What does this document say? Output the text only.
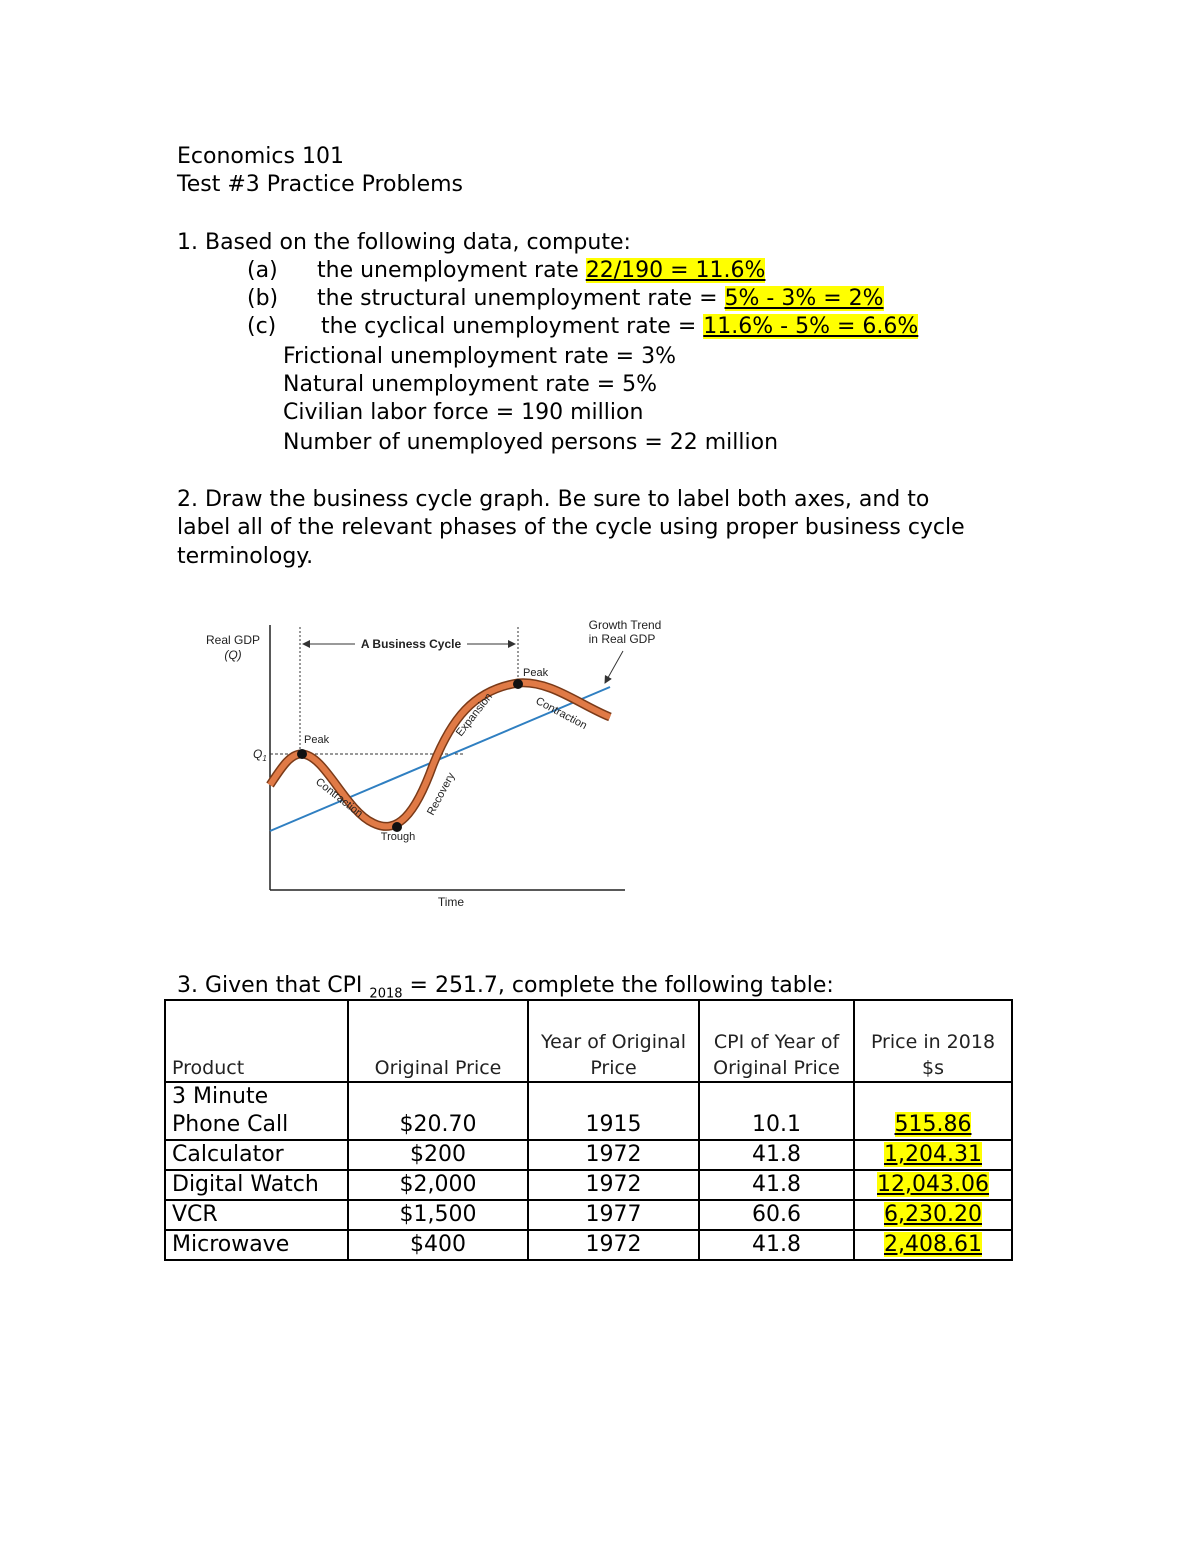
Economics 101
Test #3 Practice Problems
1. Based on the following data, compute:
(a) the unemployment rate 22/190 = 11.6%
(b) the structural unemployment rate = 5% - 3% = 2%
(c) the cyclical unemployment rate = 11.6% - 5% = 6.6%
Frictional unemployment rate = 3%
Natural unemployment rate = 5%
Civilian labor force = 190 million
Number of unemployed persons = 22 million
2. Draw the business cycle graph. Be sure to label both axes, and to
label all of the relevant phases of the cycle using proper business cycle
terminology.
A Business Cycle
Real GDP
(Q)
$Q_1$
Time
Growth Trend
in Real GDP
Peak
Peak
Trough
Contraction
Contraction
Recovery
Expansion
3. Given that CPI $_{2018}$ = 251.7, complete the following table:
Product	Original Price	Year of Original Price	CPI of Year of Original Price	Price in 2018 $s

3 Minute
Phone Call	$20.70	1915	10.1	515.86
Calculator	$200	1972	41.8	1,204.31
Digital Watch	$2,000	1972	41.8	12,043.06
VCR	$1,500	1977	60.6	6,230.20
Microwave	$400	1972	41.8	2,408.61
